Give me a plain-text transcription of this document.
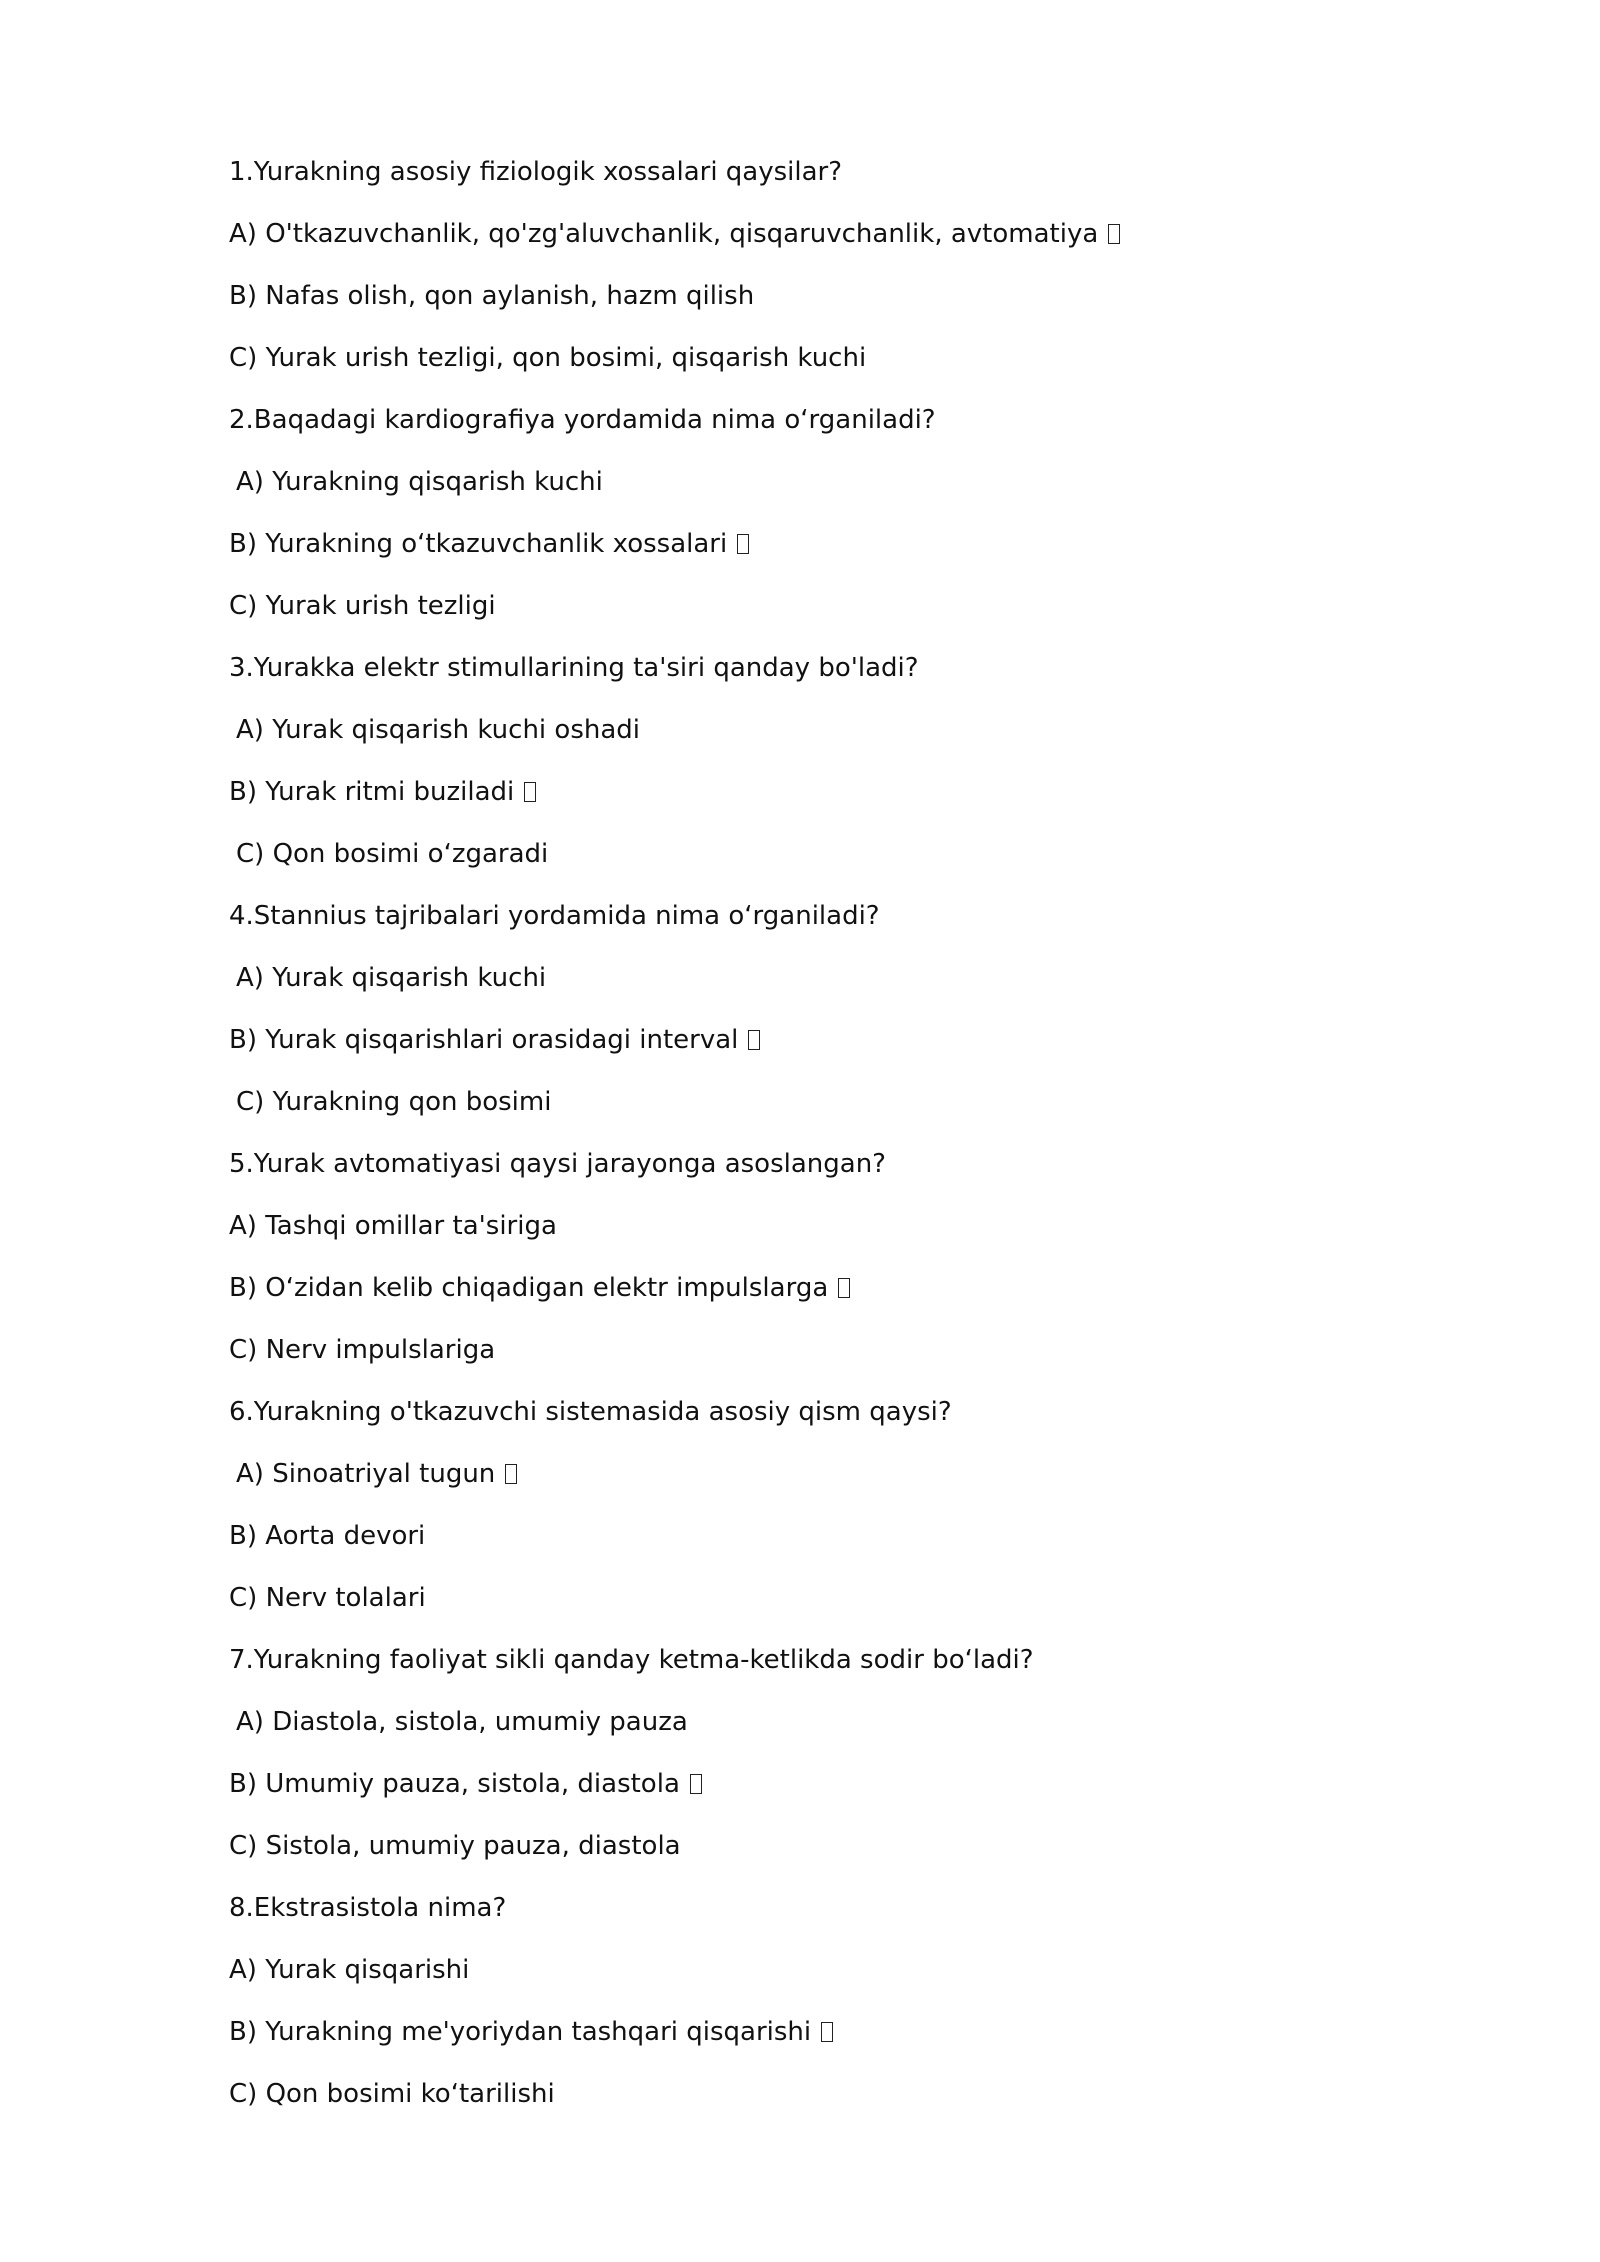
1.Yurakning asosiy fiziologik xossalari qaysilar?
A) O'tkazuvchanlik, qo'zg'aluvchanlik, qisqaruvchanlik, avtomatiya
B) Nafas olish, qon aylanish, hazm qilish
C) Yurak urish tezligi, qon bosimi, qisqarish kuchi
2.Baqadagi kardiografiya yordamida nima o‘rganiladi?
A) Yurakning qisqarish kuchi
B) Yurakning o‘tkazuvchanlik xossalari
C) Yurak urish tezligi
3.Yurakka elektr stimullarining ta'siri qanday bo'ladi?
A) Yurak qisqarish kuchi oshadi
B) Yurak ritmi buziladi
C) Qon bosimi o‘zgaradi
4.Stannius tajribalari yordamida nima o‘rganiladi?
A) Yurak qisqarish kuchi
B) Yurak qisqarishlari orasidagi interval
C) Yurakning qon bosimi
5.Yurak avtomatiyasi qaysi jarayonga asoslangan?
A) Tashqi omillar ta'siriga
B) O‘zidan kelib chiqadigan elektr impulslarga
C) Nerv impulslariga
6.Yurakning o'tkazuvchi sistemasida asosiy qism qaysi?
A) Sinoatriyal tugun
B) Aorta devori
C) Nerv tolalari
7.Yurakning faoliyat sikli qanday ketma-ketlikda sodir bo‘ladi?
A) Diastola, sistola, umumiy pauza
B) Umumiy pauza, sistola, diastola
C) Sistola, umumiy pauza, diastola
8.Ekstrasistola nima?
A) Yurak qisqarishi
B) Yurakning me'yoriydan tashqari qisqarishi
C) Qon bosimi ko‘tarilishi
